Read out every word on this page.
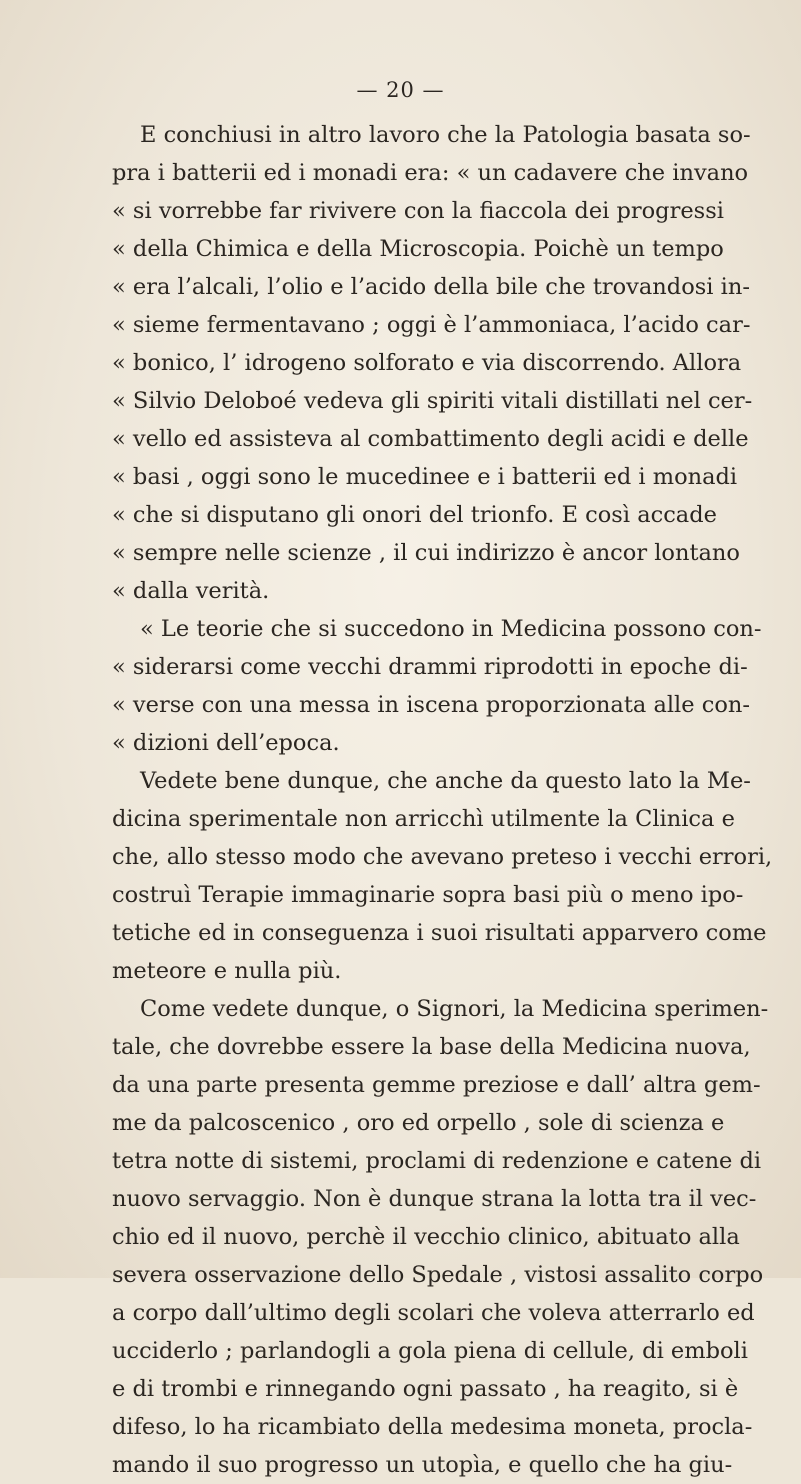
— 20 —
E conchiusi in altro lavoro che la Patologia basata so-
pra i batterii ed i monadi era: « un cadavere che invano
« si vorrebbe far rivivere con la fiaccola dei progressi
« della Chimica e della Microscopia. Poichè un tempo
« era l’alcali, l’olio e l’acido della bile che trovandosi in-
« sieme fermentavano ; oggi è l’ammoniaca, l’acido car-
« bonico, l’ idrogeno solforato e via discorrendo. Allora
« Silvio Deloboé vedeva gli spiriti vitali distillati nel cer-
« vello ed assisteva al combattimento degli acidi e delle
« basi , oggi sono le mucedinee e i batterii ed i monadi
« che si disputano gli onori del trionfo. E così accade
« sempre nelle scienze , il cui indirizzo è ancor lontano
« dalla verità.
« Le teorie che si succedono in Medicina possono con-
« siderarsi come vecchi drammi riprodotti in epoche di-
« verse con una messa in iscena proporzionata alle con-
« dizioni dell’epoca.
Vedete bene dunque, che anche da questo lato la Me-
dicina sperimentale non arricchì utilmente la Clinica e
che, allo stesso modo che avevano preteso i vecchi errori,
costruì Terapie immaginarie sopra basi più o meno ipo-
tetiche ed in conseguenza i suoi risultati apparvero come
meteore e nulla più.
Come vedete dunque, o Signori, la Medicina sperimen-
tale, che dovrebbe essere la base della Medicina nuova,
da una parte presenta gemme preziose e dall’ altra gem-
me da palcoscenico , oro ed orpello , sole di scienza e
tetra notte di sistemi, proclami di redenzione e catene di
nuovo servaggio. Non è dunque strana la lotta tra il vec-
chio ed il nuovo, perchè il vecchio clinico, abituato alla
severa osservazione dello Spedale , vistosi assalito corpo
a corpo dall’ultimo degli scolari che voleva atterrarlo ed
ucciderlo ; parlandogli a gola piena di cellule, di emboli
e di trombi e rinnegando ogni passato , ha reagito, si è
difeso, lo ha ricambiato della medesima moneta, procla-
mando il suo progresso un utopìa, e quello che ha giu-
